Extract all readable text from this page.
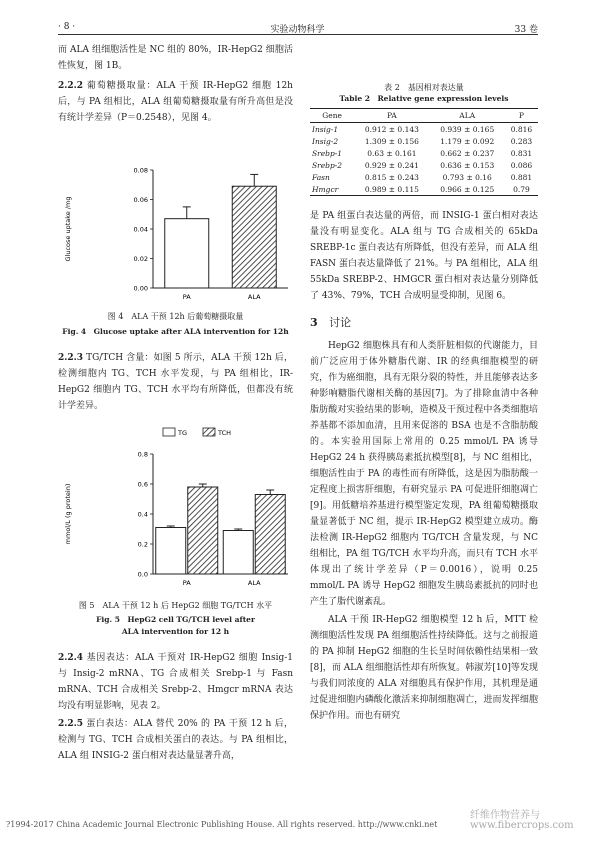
· 8 ·	实验动物科学	33 卷

而 ALA 组细胞活性是 NC 组的 80%，IR-HepG2 细胞活性恢复，图 1B。

2.2.2 葡萄糖摄取量：ALA 干预 IR-HepG2 细胞 12h 后，与 PA 组相比，ALA 组葡萄糖摄取量有所升高但是没有统计学差异（P＝0.2548），见图 4。

0.00
0.02
0.04
0.06
0.08
Glucose uptake /mg
PA	ALA
图 4　ALA 干预 12h 后葡萄糖摄取量
Fig. 4　Glucose uptake after ALA intervention for 12h

2.2.3 TG/TCH 含量：如图 5 所示，ALA 干预 12h 后，检测细胞内 TG、TCH 水平发现，与 PA 组相比，IR-HepG2 细胞内 TG、TCH 水平均有所降低，但都没有统计学差异。

0.0
0.2
0.4
0.6
0.8
mmol/L (g protein)
TG	TCH
PA	ALA
图 5　ALA 干预 12 h 后 HepG2 细胞 TG/TCH 水平
Fig. 5　HepG2 cell TG/TCH level after
ALA intervention for 12 h

2.2.4 基因表达：ALA 干预对 IR-HepG2 细胞 Insig-1 与 Insig-2 mRNA、TG 合成相关 Srebp-1 与 Fasn mRNA、TCH 合成相关 Srebp-2、Hmgcr mRNA 表达均没有明显影响，见表 2。

2.2.5 蛋白表达：ALA 替代 20% 的 PA 干预 12 h 后，检测与 TG、TCH 合成相关蛋白的表达。与 PA 组相比，ALA 组 INSIG-2 蛋白相对表达量显著升高，

表 2　基因相对表达量
Table 2　Relative gene expression levels
Gene	PA	ALA	P
Insig-1	0.912 ± 0.143	0.939 ± 0.165	0.816
Insig-2	1.309 ± 0.156	1.179 ± 0.092	0.283
Srebp-1	0.63 ± 0.161	0.662 ± 0.237	0.831
Srebp-2	0.929 ± 0.241	0.636 ± 0.153	0.086
Fasn	0.815 ± 0.243	0.793 ± 0.16	0.881
Hmgcr	0.989 ± 0.115	0.966 ± 0.125	0.79

是 PA 组蛋白表达量的两倍，而 INSIG-1 蛋白相对表达量没有明显变化。ALA 组与 TG 合成相关的 65kDa SREBP-1c 蛋白表达有所降低，但没有差异，而 ALA 组 FASN 蛋白表达量降低了 21%。与 PA 组相比，ALA 组 55kDa SREBP-2、HMGCR 蛋白相对表达量分别降低了 43%、79%，TCH 合成明显受抑制，见图 6。

3 讨论

HepG2 细胞株具有和人类肝脏相似的代谢能力，目前广泛应用于体外糖脂代谢、IR 的经典细胞模型的研究，作为癌细胞，具有无限分裂的特性，并且能够表达多种影响糖脂代谢相关酶的基因[7]。为了排除血清中各种脂肪酸对实验结果的影响，造模及干预过程中各类细胞培养基都不添加血清，且用来促溶的 BSA 也是不含脂肪酸的。本实验用国际上常用的 0.25 mmol/L PA 诱导 HepG2 24 h 获得胰岛素抵抗模型[8]，与 NC 组相比，细胞活性由于 PA 的毒性而有所降低，这是因为脂肪酸一定程度上损害肝细胞，有研究显示 PA 可促进肝细胞凋亡[9]。用低糖培养基进行模型鉴定发现，PA 组葡萄糖摄取量显著低于 NC 组，提示 IR-HepG2 模型建立成功。酶法检测 IR-HepG2 细胞内 TG/TCH 含量发现，与 NC 组相比，PA 组 TG/TCH 水平均升高，而只有 TCH 水平体现出了统计学差异（P＝0.0016），说明 0.25 mmol/L PA 诱导 HepG2 细胞发生胰岛素抵抗的同时也产生了脂代谢紊乱。

ALA 干预 IR-HepG2 细胞模型 12 h 后，MTT 检测细胞活性发现 PA 组细胞活性持续降低。这与之前报道的 PA 抑制 HepG2 细胞的生长呈时间依赖性结果相一致[8]，而 ALA 组细胞活性却有所恢复。韩淑芳[10]等发现与我们同浓度的 ALA 对细胞具有保护作用，其机理是通过促进细胞内磷酸化激活来抑制细胞凋亡，进而发挥细胞保护作用。而也有研究

?1994-2017 China Academic Journal Electronic Publishing House. All rights reserved. http://www.cnki.net
纤维作物营养与
www.fibercrops.com
